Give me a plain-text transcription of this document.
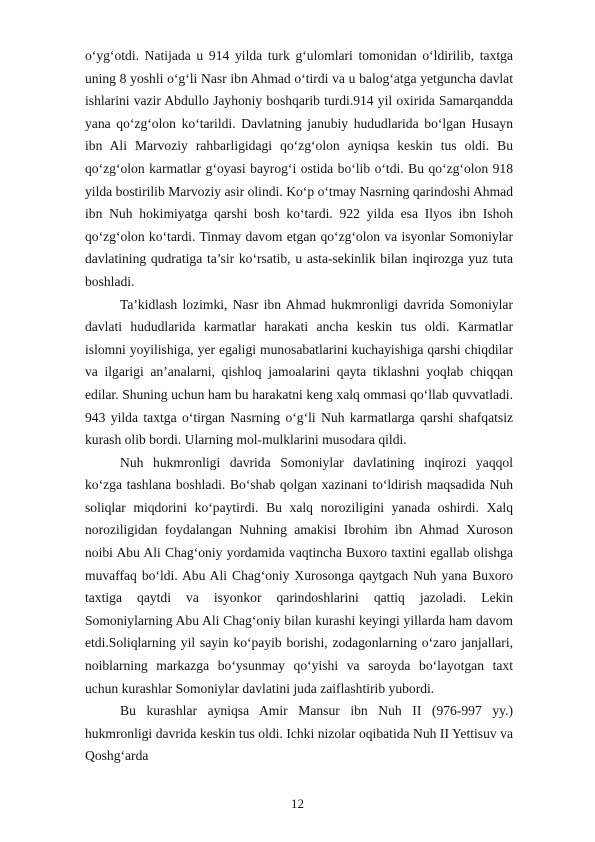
o‘yg‘otdi. Natijada u 914 yilda turk g‘ulomlari tomonidan o‘ldirilib, taxtga uning 8 yoshli o‘g‘li Nasr ibn Ahmad o‘tirdi va u balog‘atga yetguncha davlat ishlarini vazir Abdullo Jayhoniy boshqarib turdi.914 yil oxirida Samarqandda yana qo‘zg‘olon ko‘tarildi. Davlatning janubiy hududlarida bo‘lgan Husayn ibn Ali Marvoziy rahbarligidagi qo‘zg‘olon ayniqsa keskin tus oldi. Bu qo‘zg‘olon karmatlar g‘oyasi bayrog‘i ostida bo‘lib o‘tdi. Bu qo‘zg‘olon 918 yilda bostirilib Marvoziy asir olindi. Ko‘p o‘tmay Nasrning qarindoshi Ahmad ibn Nuh hokimiyatga qarshi bosh ko‘tardi. 922 yilda esa Ilyos ibn Ishoh qo‘zg‘olon ko‘tardi. Tinmay davom etgan qo‘zg‘olon va isyonlar Somoniylar davlatining qudratiga ta’sir ko‘rsatib, u asta-sekinlik bilan inqirozga yuz tuta boshladi.

Ta’kidlash lozimki, Nasr ibn Ahmad hukmronligi davrida Somoniylar davlati hududlarida karmatlar harakati ancha keskin tus oldi. Karmatlar islomni yoyilishiga, yer egaligi munosabatlarini kuchayishiga qarshi chiqdilar va ilgarigi an’analarni, qishloq jamoalarini qayta tiklashni yoqlab chiqqan edilar. Shuning uchun ham bu harakatni keng xalq ommasi qo‘llab quvvatladi. 943 yilda taxtga o‘tirgan Nasrning o‘g‘li Nuh karmatlarga qarshi shafqatsiz kurash olib bordi. Ularning mol-mulklarini musodara qildi.

Nuh hukmronligi davrida Somoniylar davlatining inqirozi yaqqol ko‘zga tashlana boshladi. Bo‘shab qolgan xazinani to‘ldirish maqsadida Nuh soliqlar miqdorini ko‘paytirdi. Bu xalq noroziligini yanada oshirdi. Xalq noroziligidan foydalangan Nuhning amakisi Ibrohim ibn Ahmad Xuroson noibi Abu Ali Chag‘oniy yordamida vaqtincha Buxoro taxtini egallab olishga muvaffaq bo‘ldi. Abu Ali Chag‘oniy Xurosonga qaytgach Nuh yana Buxoro taxtiga qaytdi va isyonkor qarindoshlarini qattiq jazoladi. Lekin Somoniylarning Abu Ali Chag‘oniy bilan kurashi keyingi yillarda ham davom etdi.Soliqlarning yil sayin ko‘payib borishi, zodagonlarning o‘zaro janjallari, noiblarning markazga bo‘ysunmay qo‘yishi va saroyda bo‘layotgan taxt uchun kurashlar Somoniylar davlatini juda zaiflashtirib yubordi.

Bu kurashlar ayniqsa Amir Mansur ibn Nuh II (976-997 yy.) hukmronligi davrida keskin tus oldi. Ichki nizolar oqibatida Nuh II Yettisuv va Qoshg‘arda

12
